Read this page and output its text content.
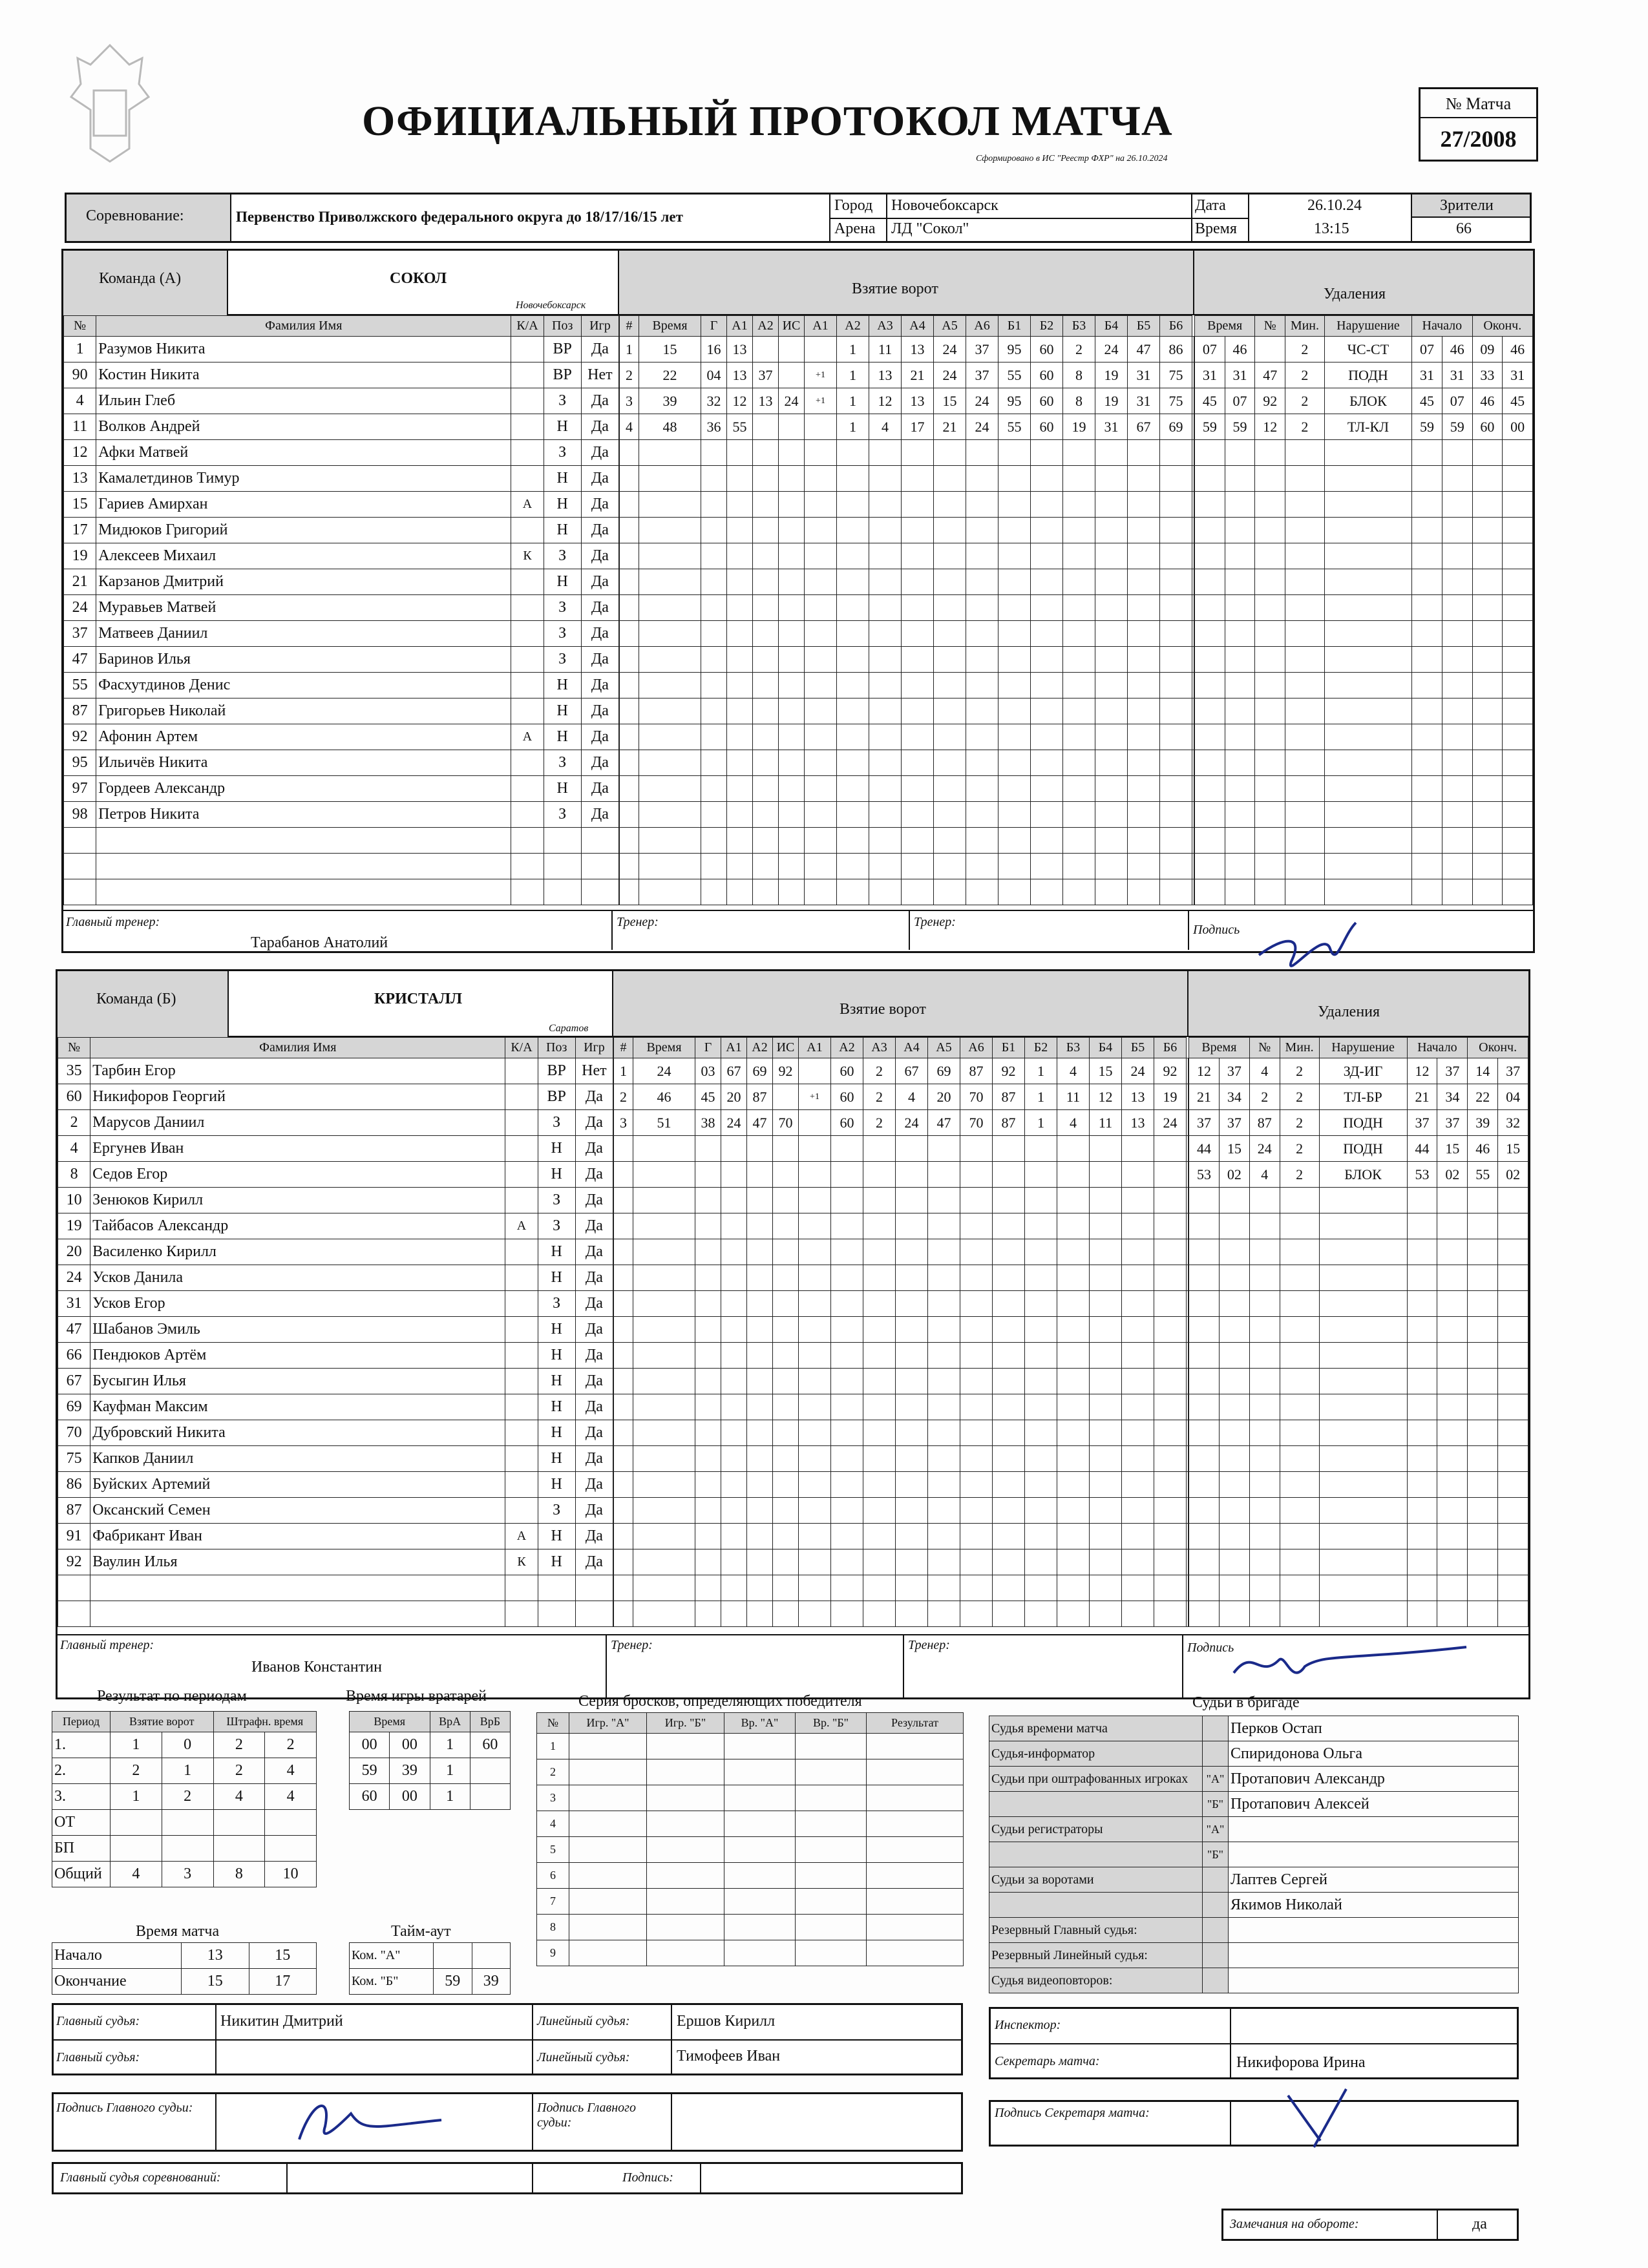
ОФИЦИАЛЬНЫЙ ПРОТОКОЛ МАТЧА
Сформировано в ИС "Реестр ФХР" на 26.10.2024
№ Матча
27/2008
Соревнование:	Первенство Приволжского федерального округа до 18/17/16/15 лет
Город Новочебоксарск
Арена ЛД "Сокол"
Дата	26.10.24
Время	13:15
Зрители
66
Команда (А)	СОКОЛ
Новочебоксарск
Взятие ворот	Удаления
№	Фамилия Имя	К/А	Поз	Игр
1	Разумов Никита		ВР	Да
90	Костин Никита		ВР	Нет
4	Ильин Глеб		З	Да
11	Волков Андрей		Н	Да
12	Афки Матвей		З	Да
13	Камалетдинов Тимур		Н	Да
15	Гариев Амирхан	А	Н	Да
17	Мидюков Григорий		Н	Да
19	Алексеев Михаил	К	З	Да
21	Карзанов Дмитрий		Н	Да
24	Муравьев Матвей		З	Да
37	Матвеев Даниил		З	Да
47	Баринов Илья		З	Да
55	Фасхутдинов Денис		Н	Да
87	Григорьев Николай		Н	Да
92	Афонин Артем	А	Н	Да
95	Ильичёв Никита		З	Да
97	Гордеев Александр		Н	Да
98	Петров Никита		З	Да

#	Время	Г	А1	А2	ИС	А1	А2	А3	А4	А5	А6	Б1	Б2	Б3	Б4	Б5	Б6	
1	15	16	13				1	11	13	24	37	95	60	2	24	47	86	
2	22	04	13	37		+1	1	13	21	24	37	55	60	8	19	31	75	
3	39	32	12	13	24	+1	1	12	13	15	24	95	60	8	19	31	75	
4	48	36	55				1	4	17	21	24	55	60	19	31	67	69	

Время		№	Мин.	Нарушение	Начало		Оконч.	
07	46		2	ЧС-СТ	07	46	09	46
31	31	47	2	ПОДН	31	31	33	31
45	07	92	2	БЛОК	45	07	46	45
59	59	12	2	ТЛ-КЛ	59	59	60	00

Главный тренер:
Тарабанов Анатолий
Тренер:	Тренер:
Подпись
Команда (Б)	КРИСТАЛЛ
Саратов
Взятие ворот	Удаления
№	Фамилия Имя	К/А	Поз	Игр
35	Тарбин Егор		ВР	Нет
60	Никифоров Георгий		ВР	Да
2	Марусов Даниил		З	Да
4	Ергунев Иван		Н	Да
8	Седов Егор		Н	Да
10	Зенюков Кирилл		З	Да
19	Тайбасов Александр	А	З	Да
20	Василенко Кирилл		Н	Да
24	Усков Данила		Н	Да
31	Усков Егор		З	Да
47	Шабанов Эмиль		Н	Да
66	Пендюков Артём		Н	Да
67	Бусыгин Илья		Н	Да
69	Кауфман Максим		Н	Да
70	Дубровский Никита		Н	Да
75	Капков Даниил		Н	Да
86	Буйских Артемий		Н	Да
87	Оксанский Семен		З	Да
91	Фабрикант Иван	А	Н	Да
92	Ваулин Илья	К	Н	Да

#	Время	Г	А1	А2	ИС	А1	А2	А3	А4	А5	А6	Б1	Б2	Б3	Б4	Б5	Б6	
1	24	03	67	69	92		60	2	67	69	87	92	1	4	15	24	92	
2	46	45	20	87		+1	60	2	4	20	70	87	1	11	12	13	19	
3	51	38	24	47	70		60	2	24	47	70	87	1	4	11	13	24	

Время		№	Мин.	Нарушение	Начало		Оконч.	
12	37	4	2	ЗД-ИГ	12	37	14	37
21	34	2	2	ТЛ-БР	21	34	22	04
37	37	87	2	ПОДН	37	37	39	32
44	15	24	2	ПОДН	44	15	46	15
53	02	4	2	БЛОК	53	02	55	02

Главный тренер:
Иванов Константин
Тренер:	Тренер:	Подпись
Результат по периодам
Период	Взятие ворот		Штрафн. время	
1.	1	0	2	2
2.	2	1	2	4
3.	1	2	4	4
ОТ				
БП				
Общий	4	3	8	10
Время игры вратарей
Время		ВрА	ВрБ
00	00	1	60
59	39	1	
60	00	1	
Серия бросков, определяющих победителя
№	Игр. "А"	Игр. "Б"	Вр. "А"	Вр. "Б"	Результат
1					
2					
3					
4					
5					
6					
7					
8					
9					
Время матча
Начало	13	15
Окончание	15	17
Тайм-аут
Ком. "А"		
Ком. "Б"	59	39
Судьи в бригаде
Судья времени матча		Перков Остап
Судья-информатор		Спиридонова Ольга
Судьи при оштрафованных игроках	"А"	Протапович Александр
	"Б"	Протапович Алексей
Судьи регистраторы	"А"	
	"Б"	
Судьи за воротами		Лаптев Сергей
		Якимов Николай
Резервный Главный судья:		
Резервный Линейный судья:		
Судья видеоповторов:		
Главный судья:	Никитин Дмитрий
Главный судья:
Линейный судья:	Ершов Кирилл
Линейный судья:	Тимофеев Иван
Инспектор:
Секретарь матча:	Никифорова Ирина
Подпись Главного судьи:	Подпись Главного судьи:
Подпись Секретаря матча:
Главный судья соревнований:	Подпись:
Замечания на обороте:	да
